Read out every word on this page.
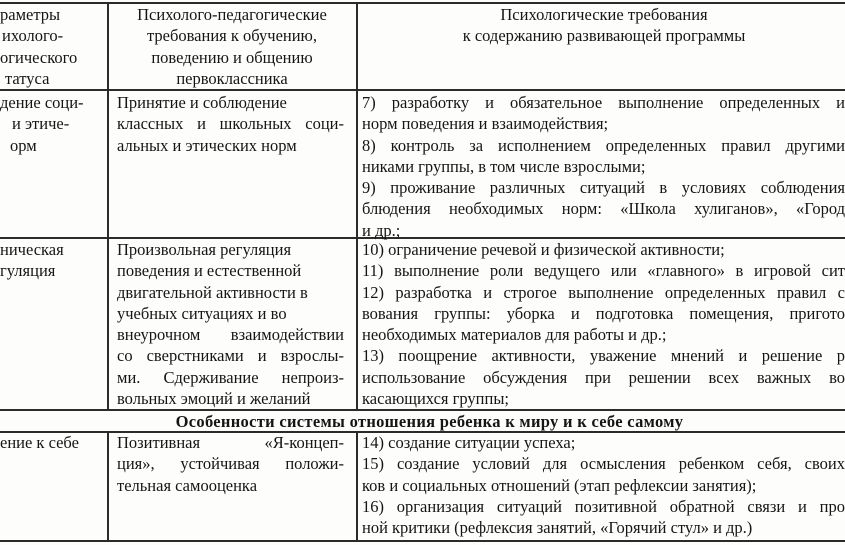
раметры
ихолого-
огического
татуса
Психолого-педагогические
требования к обучению,
поведению и общению
первоклассника
Психологические требования
к содержанию развивающей программы
дение соци-
и этиче-
орм
Принятие и соблюдение
классных и школьных соци-
альных и этических норм
7) разработку и обязательное выполнение определенных и
норм поведения и взаимодействия;
8) контроль за исполнением определенных правил другими
никами группы, в том числе взрослыми;
9) проживание различных ситуаций в условиях соблюдения
блюдения необходимых норм: «Школа хулиганов», «Город
и др.;
ническая
гуляция
Произвольная регуляция
поведения и естественной
двигательной активности в
учебных ситуациях и во
внеурочном взаимодействии
со сверстниками и взрослы-
ми. Сдерживание непроиз-
вольных эмоций и желаний
10) ограничение речевой и физической активности;
11) выполнение роли ведущего или «главного» в игровой сит
12) разработка и строгое выполнение определенных правил с
вования группы: уборка и подготовка помещения, пригото
необходимых материалов для работы и др.;
13) поощрение активности, уважение мнений и решение р
использование обсуждения при решении всех важных во
касающихся группы;
Особенности системы отношения ребенка к миру и к себе самому
ение к себе	Позитивная «Я-концеп-
ция», устойчивая положи-
тельная самооценка
14) создание ситуации успеха;
15) создание условий для осмысления ребенком себя, своих
ков и социальных отношений (этап рефлексии занятия);
16) организация ситуаций позитивной обратной связи и про
ной критики (рефлексия занятий, «Горячий стул» и др.)
